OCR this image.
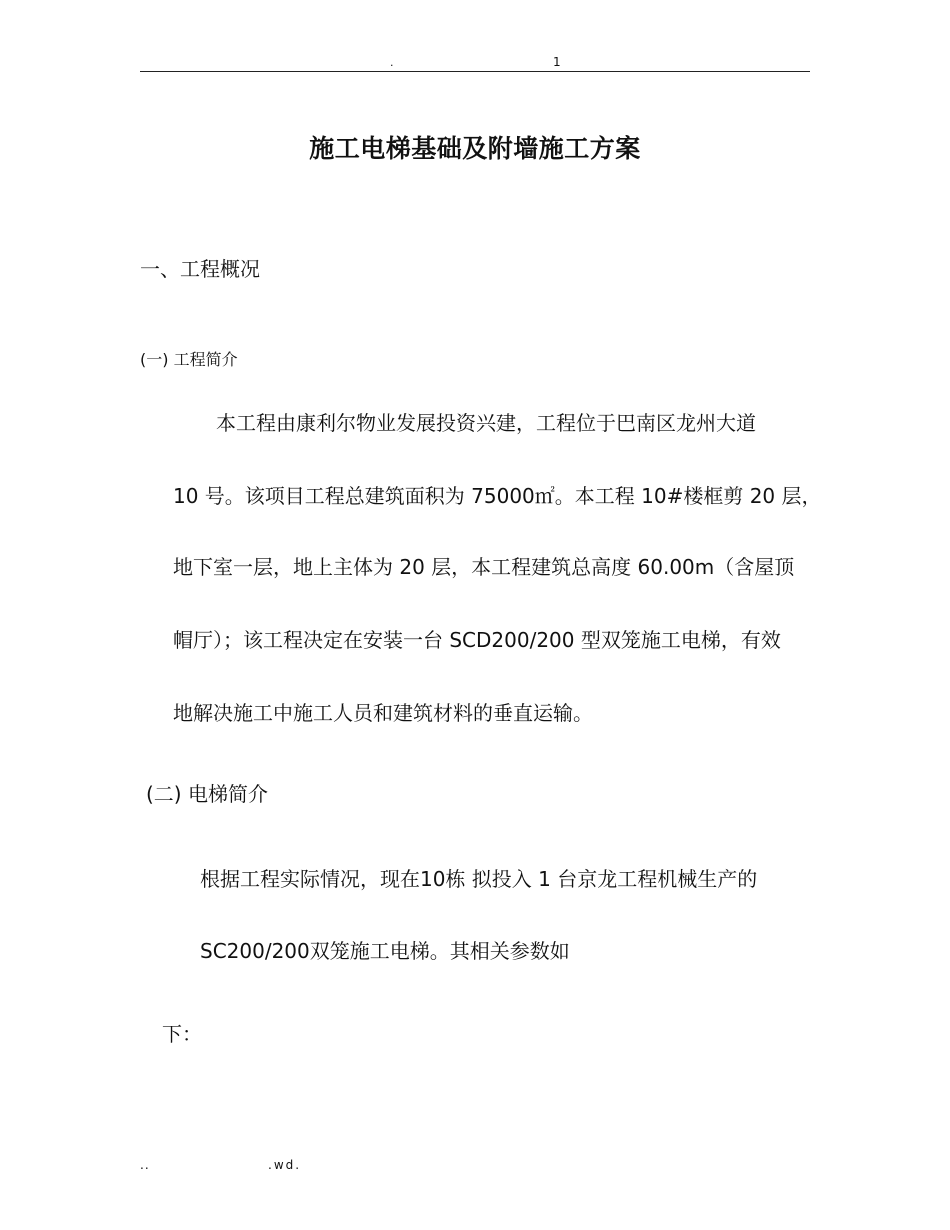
.	1
施工电梯基础及附墙施工方案
一、工程概况
(一) 工程简介
本工程由康利尔物业发展投资兴建，工程位于巴南区龙州大道
10 号。该项目工程总建筑面积为 75000㎡。本工程 10#楼框剪 20 层，
地下室一层，地上主体为 20 层，本工程建筑总高度 60.00m（含屋顶
帽厅）；该工程决定在安装一台 SCD200/200 型双笼施工电梯，有效
地解决施工中施工人员和建筑材料的垂直运输。
(二) 电梯简介
根据工程实际情况，现在10栋 拟投入 1 台京龙工程机械生产的
SC200/200双笼施工电梯。其相关参数如
下：
..	.wd.
